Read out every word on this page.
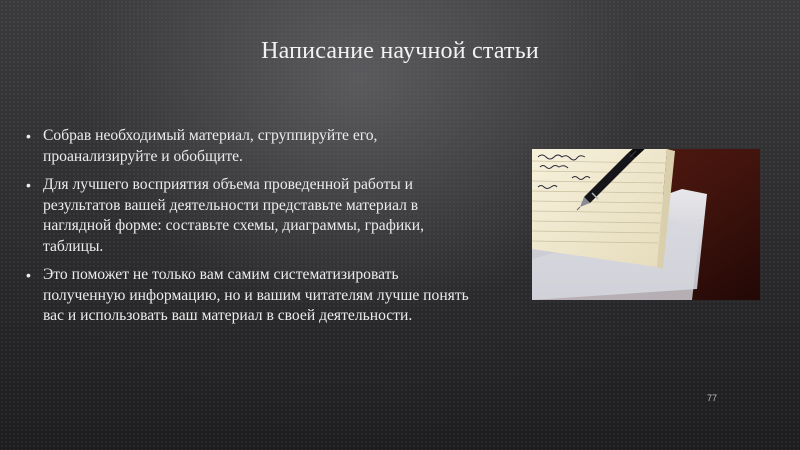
Написание научной статьи
• Собрав необходимый материал, сгруппируйте его, проанализируйте и обобщите.
• Для лучшего восприятия объема проведенной работы и результатов вашей деятельности представьте материал в наглядной форме: составьте схемы, диаграммы, графики, таблицы.
• Это поможет не только вам самим систематизировать полученную информацию, но и вашим читателям лучше понять вас и использовать ваш материал в своей деятельности.
77
